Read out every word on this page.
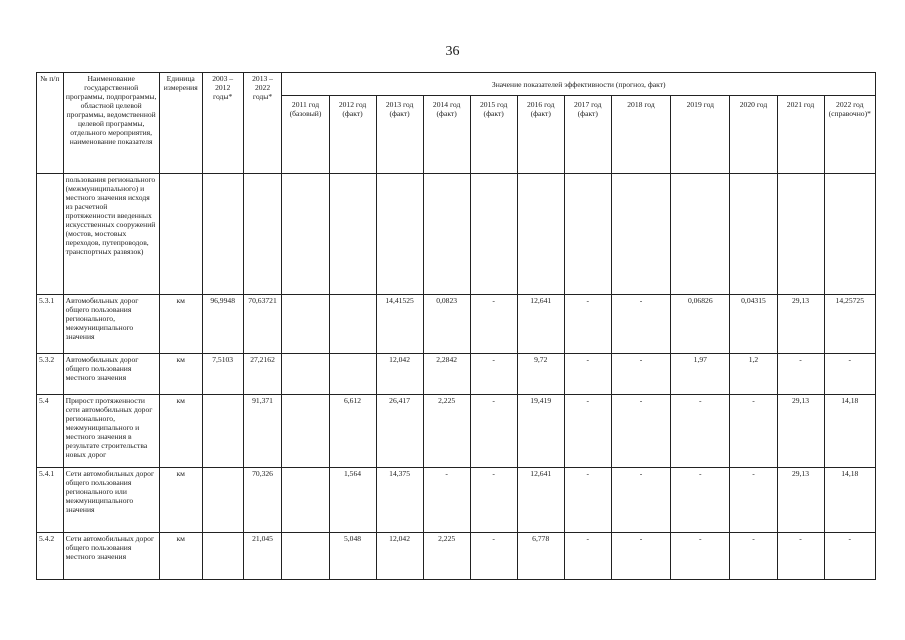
36
№ п/п	Наименование государственной программы, подпрограммы, областной целевой программы, ведомственной целевой программы, отдельного мероприятия, наименование показателя	Единица измерения	2003 – 2012 годы*	2013 – 2022 годы*	Значение показателей эффективности (прогноз, факт)											
					2011 год (базовый)	2012 год (факт)	2013 год (факт)	2014 год (факт)	2015 год (факт)	2016 год (факт)	2017 год (факт)	2018 год	2019 год	2020 год	2021 год	2022 год (справочно)*
	пользования регионального (межмуниципального) и местного значения исходя из расчетной протяженности введенных искусственных сооружений (мостов, мостовых переходов, путепроводов, транспортных развязок)															
5.3.1	Автомобильных дорог общего пользования регионального, межмуниципального значения	км	96,9948	70,63721			14,41525	0,0823	-	12,641	-	-	0,06826	0,04315	29,13	14,25725
5.3.2	Автомобильных дорог общего пользования местного значения	км	7,5103	27,2162			12,042	2,2842	-	9,72	-	-	1,97	1,2	-	-
5.4	Прирост протяженности сети автомобильных дорог регионального, межмуниципального и местного значения в результате строительства новых дорог	км		91,371		6,612	26,417	2,225	-	19,419	-	-	-	-	29,13	14,18
5.4.1	Сети автомобильных дорог общего пользования регионального или межмуниципального значения	км		70,326		1,564	14,375	-	-	12,641	-	-	-	-	29,13	14,18
5.4.2	Сети автомобильных дорог общего пользования местного значения	км		21,045		5,048	12,042	2,225	-	6,778	-	-	-	-	-	-
